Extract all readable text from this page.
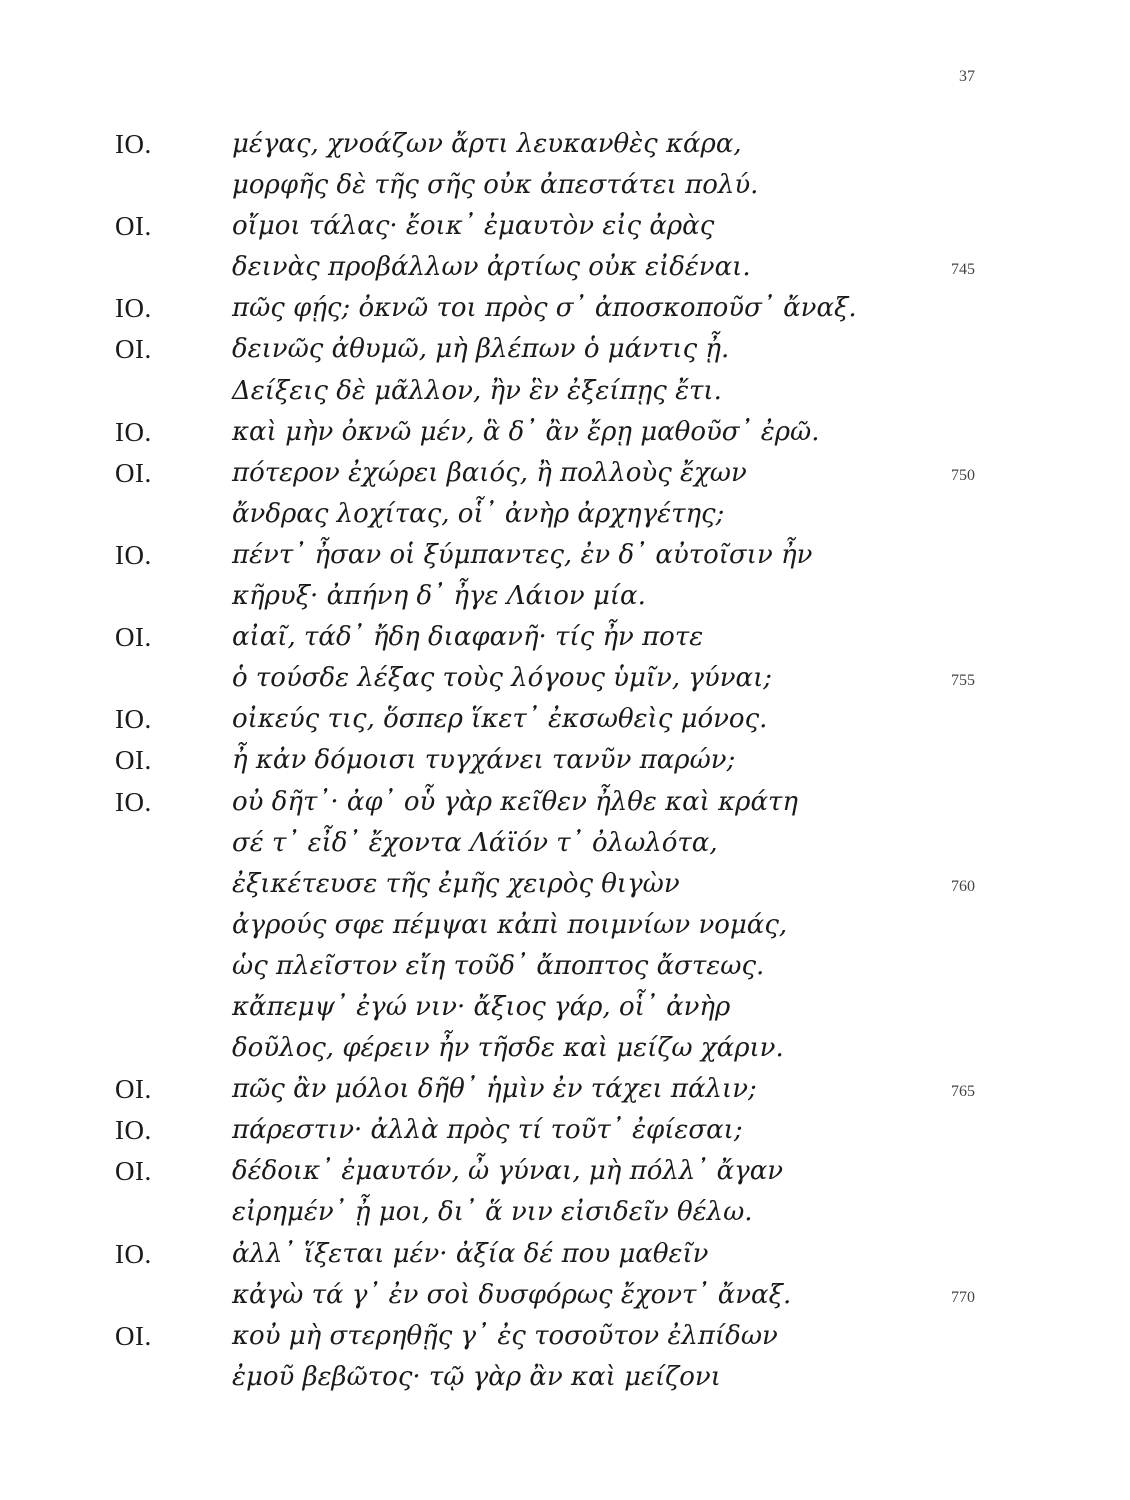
37
IO.	μέγας, χνοάζων ἄρτι λευκανθὲς κάρα,
μορφῆς δὲ τῆς σῆς οὐκ ἀπεστάτει πολύ.
OI.	οἴμοι τάλας· ἔοικ᾽ ἐμαυτὸν εἰς ἀρὰς
δεινὰς προβάλλων ἀρτίως οὐκ εἰδέναι.	745
IO.	πῶς φῄς; ὀκνῶ τοι πρὸς σ᾽ ἀποσκοποῦσ᾽ ἄναξ.
OI.	δεινῶς ἀθυμῶ, μὴ βλέπων ὁ μάντις ᾖ.
Δείξεις δὲ μᾶλλον, ἢν ἓν ἐξείπῃς ἔτι.
IO.	καὶ μὴν ὀκνῶ μέν, ἃ δ᾽ ἂν ἔρῃ μαθοῦσ᾽ ἐρῶ.
OI.	πότερον ἐχώρει βαιός, ἢ πολλοὺς ἔχων	750
ἄνδρας λοχίτας, οἷ᾽ ἀνὴρ ἀρχηγέτης;
IO.	πέντ᾽ ἦσαν οἱ ξύμπαντες, ἐν δ᾽ αὐτοῖσιν ἦν
κῆρυξ· ἀπήνη δ᾽ ἦγε Λάιον μία.
OI.	αἰαῖ, τάδ᾽ ἤδη διαφανῆ· τίς ἦν ποτε
ὁ τούσδε λέξας τοὺς λόγους ὑμῖν, γύναι;	755
IO.	οἰκεύς τις, ὅσπερ ἵκετ᾽ ἐκσωθεὶς μόνος.
OI.	ἦ κἀν δόμοισι τυγχάνει τανῦν παρών;
IO.	οὐ δῆτ᾽· ἀφ᾽ οὗ γὰρ κεῖθεν ἦλθε καὶ κράτη
σέ τ᾽ εἶδ᾽ ἔχοντα Λάϊόν τ᾽ ὀλωλότα,
ἐξικέτευσε τῆς ἐμῆς χειρὸς θιγὼν	760
ἀγρούς σφε πέμψαι κἀπὶ ποιμνίων νομάς,
ὡς πλεῖστον εἴη τοῦδ᾽ ἄποπτος ἄστεως.
κἄπεμψ᾽ ἐγώ νιν· ἄξιος γάρ, οἷ᾽ ἀνὴρ
δοῦλος, φέρειν ἦν τῆσδε καὶ μείζω χάριν.
OI.	πῶς ἂν μόλοι δῆθ᾽ ἡμὶν ἐν τάχει πάλιν;	765
IO.	πάρεστιν· ἀλλὰ πρὸς τί τοῦτ᾽ ἐφίεσαι;
OI.	δέδοικ᾽ ἐμαυτόν, ὦ γύναι, μὴ πόλλ᾽ ἄγαν
εἰρημέν᾽ ᾖ μοι, δι᾽ ἅ νιν εἰσιδεῖν θέλω.
IO.	ἀλλ᾽ ἵξεται μέν· ἀξία δέ που μαθεῖν
κἀγὼ τά γ᾽ ἐν σοὶ δυσφόρως ἔχοντ᾽ ἄναξ.	770
OI.	κοὐ μὴ στερηθῇς γ᾽ ἐς τοσοῦτον ἐλπίδων
ἐμοῦ βεβῶτος· τῷ γὰρ ἂν καὶ μείζονι
